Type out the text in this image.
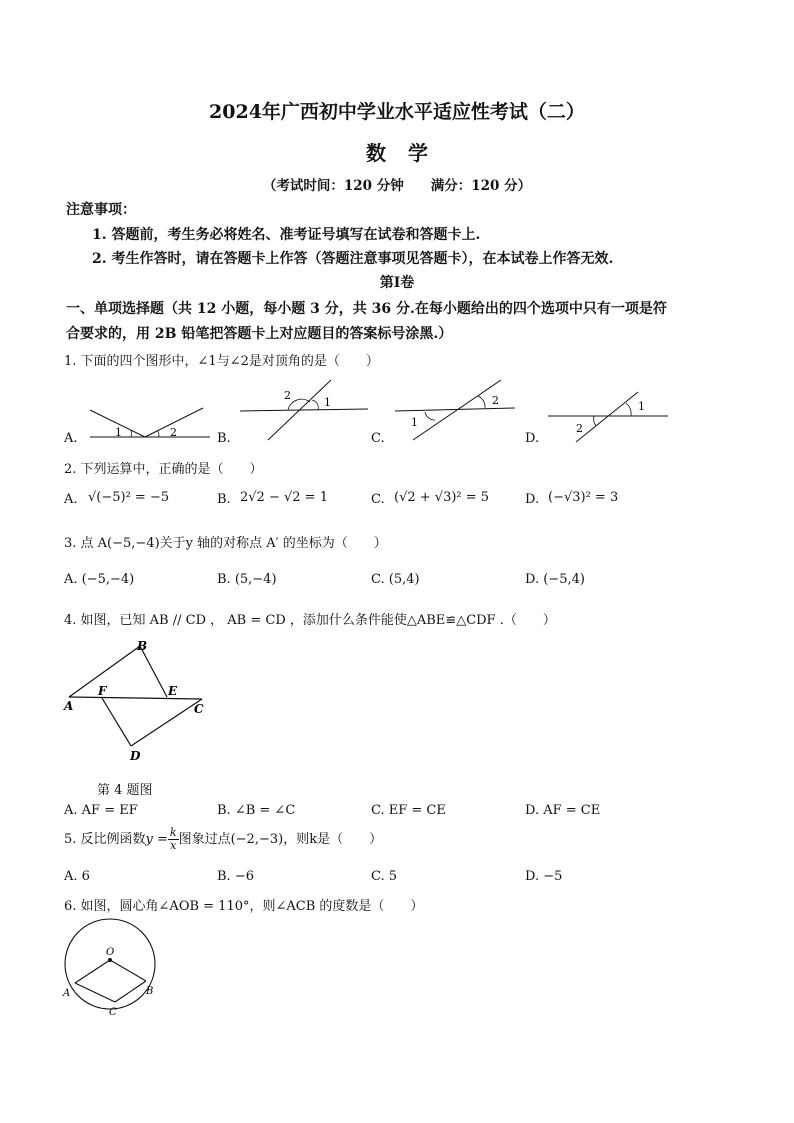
2024年广西初中学业水平适应性考试（二）
数学
（考试时间：120 分钟　　满分：120 分）
注意事项：
1. 答题前，考生务必将姓名、准考证号填写在试卷和答题卡上.
2. 考生作答时，请在答题卡上作答（答题注意事项见答题卡），在本试卷上作答无效.
第Ⅰ卷
一、单项选择题（共 12 小题，每小题 3 分，共 36 分.在每小题给出的四个选项中只有一项是符
合要求的，用 2B 铅笔把答题卡上对应题目的答案标号涂黑.）
1. 下面的四个图形中，∠1与∠2是对顶角的是（　　）
1	2
A.
2
1
B.
1
2
C.
2
1
D.
2. 下列运算中，正确的是（　　）
A. √(−5)² = −5	B. 2√2 − √2 = 1	C. (√2 + √3)² = 5	D. (−√3)² = 3
3. 点 A(−5,−4)关于y 轴的对称点 A′ 的坐标为（　　）
A. (−5,−4)	B. (5,−4)	C. (5,4)	D. (−5,4)
4. 如图，已知 AB // CD ， AB = CD ，添加什么条件能使△ABE≌△CDF .（　　）
A
B
C
D
E
F
第 4 题图
A. AF = EF	B. ∠B = ∠C	C. EF = CE	D. AF = CE
5. 反比例函数$y = \frac{k}{x}$ 图象过点(−2,−3)，则k是（　　）
A. 6	B. −6	C. 5	D. −5
6. 如图，圆心角∠AOB = 110°，则∠ACB 的度数是（　　）
O
A	B
C
